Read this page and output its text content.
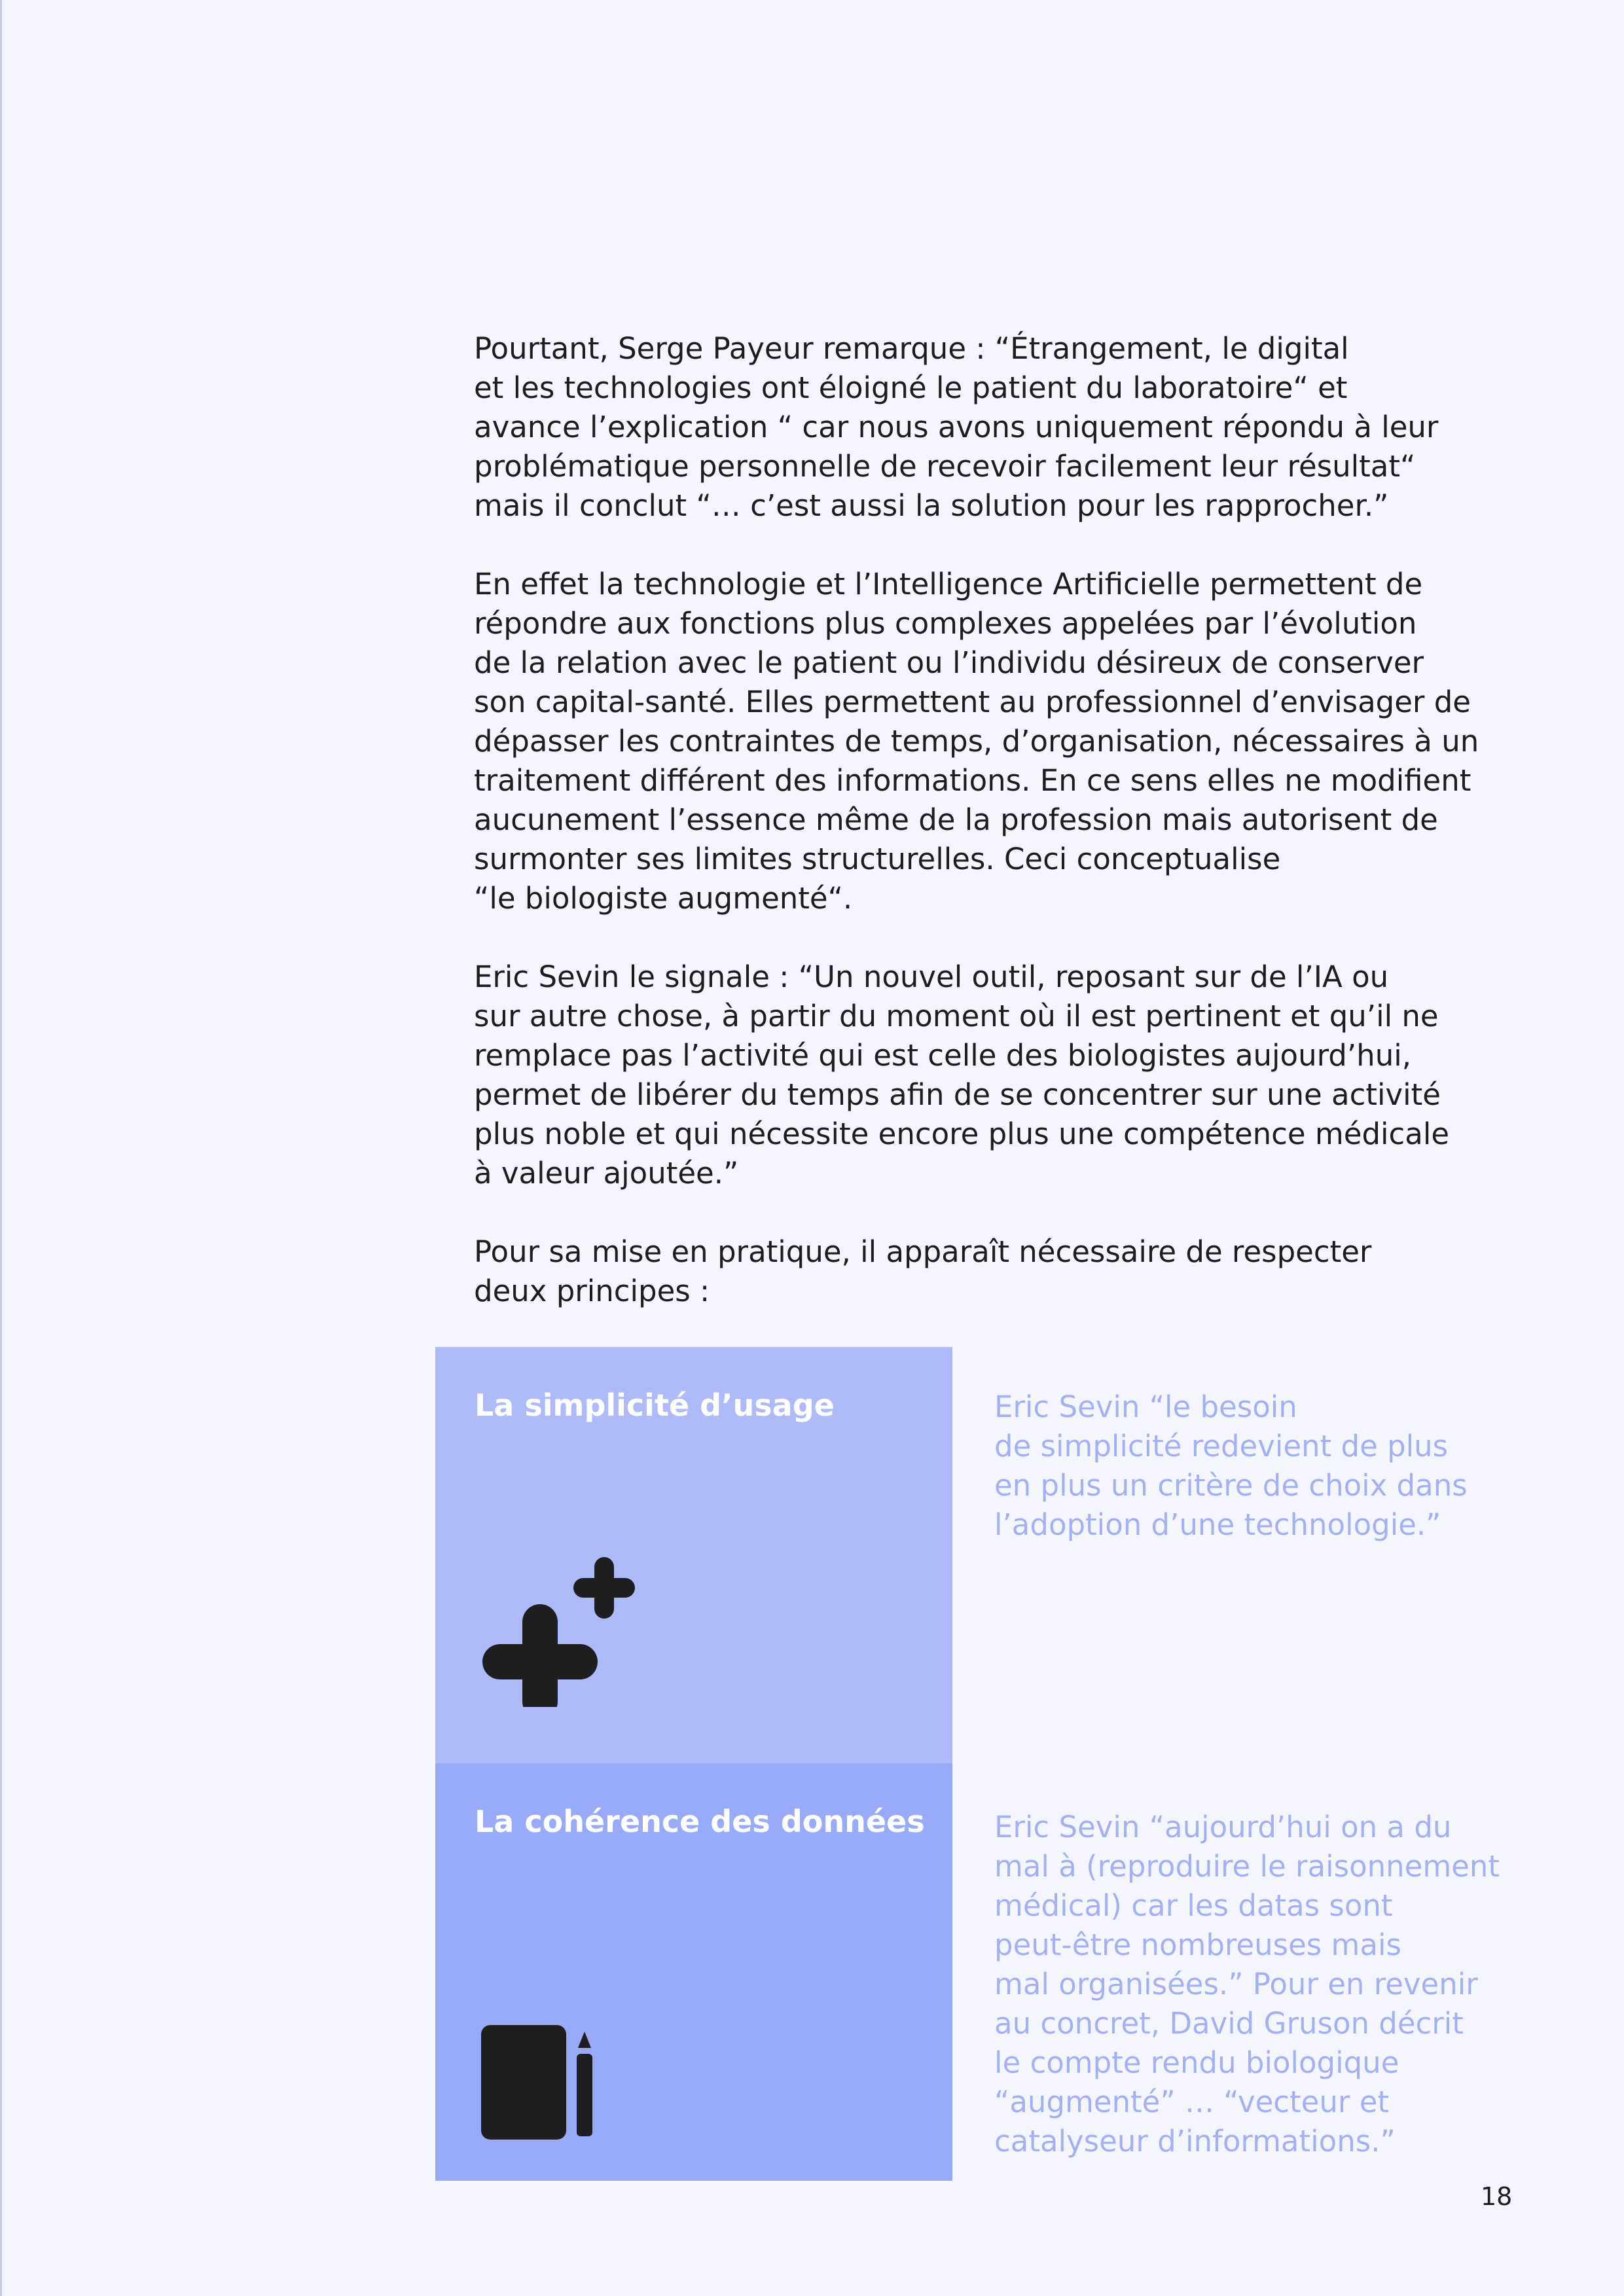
Pourtant, Serge Payeur remarque : “Étrangement, le digital
et les technologies ont éloigné le patient du laboratoire“ et
avance l’explication “ car nous avons uniquement répondu à leur
problématique personnelle de recevoir facilement leur résultat“
mais il conclut “… c’est aussi la solution pour les rapprocher.”

En effet la technologie et l’Intelligence Artificielle permettent de
répondre aux fonctions plus complexes appelées par l’évolution
de la relation avec le patient ou l’individu désireux de conserver
son capital-santé. Elles permettent au professionnel d’envisager de
dépasser les contraintes de temps, d’organisation, nécessaires à un
traitement différent des informations. En ce sens elles ne modifient
aucunement l’essence même de la profession mais autorisent de
surmonter ses limites structurelles. Ceci conceptualise
“le biologiste augmenté“.

Eric Sevin le signale : “Un nouvel outil, reposant sur de l’IA ou
sur autre chose, à partir du moment où il est pertinent et qu’il ne
remplace pas l’activité qui est celle des biologistes aujourd’hui,
permet de libérer du temps afin de se concentrer sur une activité
plus noble et qui nécessite encore plus une compétence médicale
à valeur ajoutée.”

Pour sa mise en pratique, il apparaît nécessaire de respecter
deux principes :

La simplicité d’usage
La cohérence des données
Eric Sevin “le besoin
de simplicité redevient de plus
en plus un critère de choix dans
l’adoption d’une technologie.”
Eric Sevin “aujourd’hui on a du
mal à (reproduire le raisonnement
médical) car les datas sont
peut-être nombreuses mais
mal organisées.” Pour en revenir
au concret, David Gruson décrit
le compte rendu biologique
“augmenté” … “vecteur et
catalyseur d’informations.”
18
